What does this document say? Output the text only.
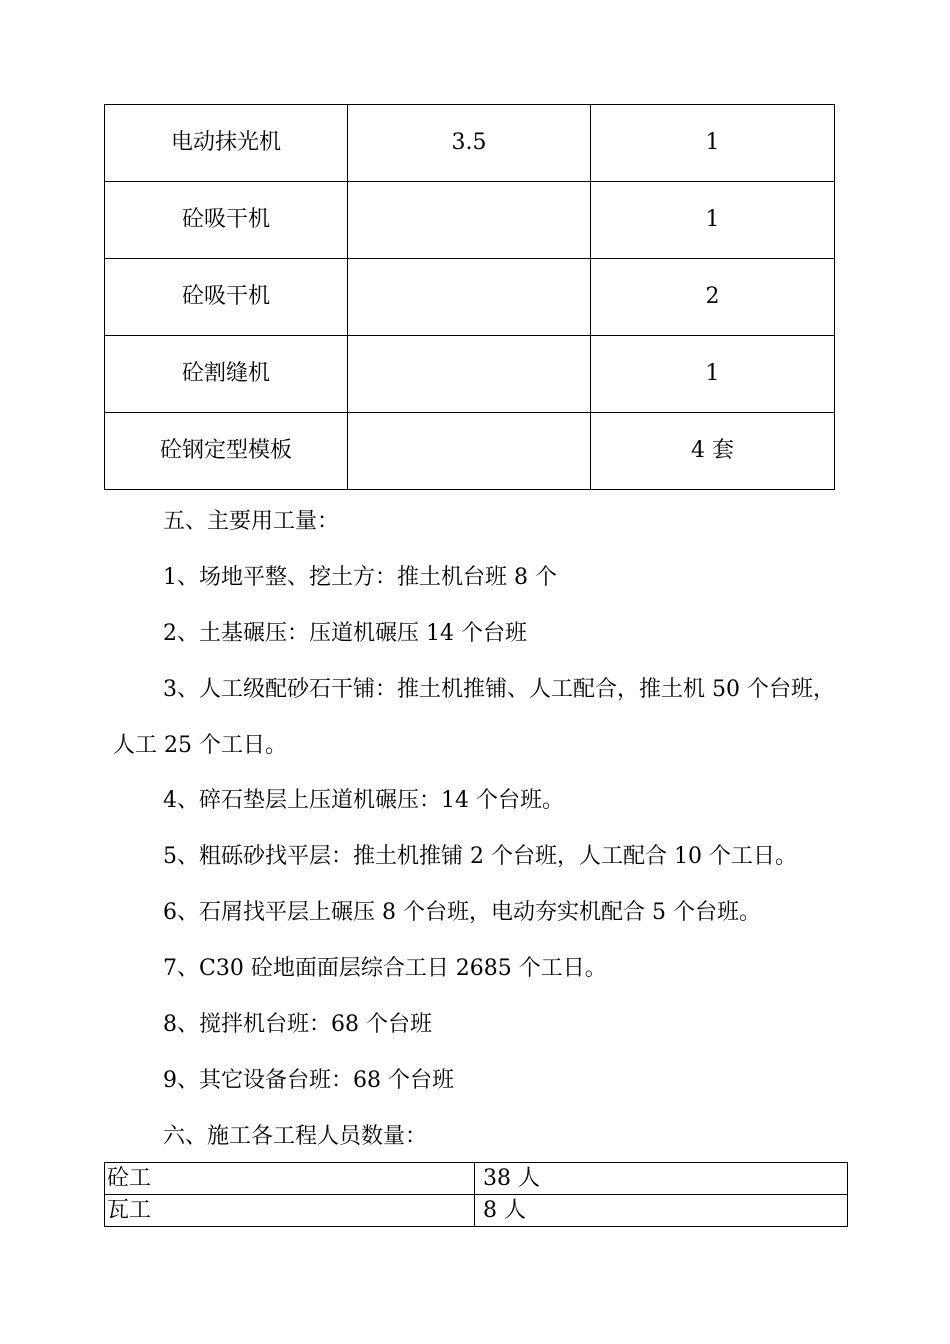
电动抹光机	3.5	1
砼吸干机		1
砼吸干机		2
砼割缝机		1
砼钢定型模板		4 套
五、主要用工量：
1、场地平整、挖土方：推土机台班 8 个
2、土基碾压：压道机碾压 14 个台班
3、人工级配砂石干铺：推土机推铺、人工配合，推土机 50 个台班，
人工 25 个工日。
4、碎石垫层上压道机碾压：14 个台班。
5、粗砾砂找平层：推土机推铺 2 个台班，人工配合 10 个工日。
6、石屑找平层上碾压 8 个台班，电动夯实机配合 5 个台班。
7、C30 砼地面面层综合工日 2685 个工日。
8、搅拌机台班：68 个台班
9、其它设备台班：68 个台班
六、施工各工程人员数量：
砼工	38 人
瓦工	8 人
